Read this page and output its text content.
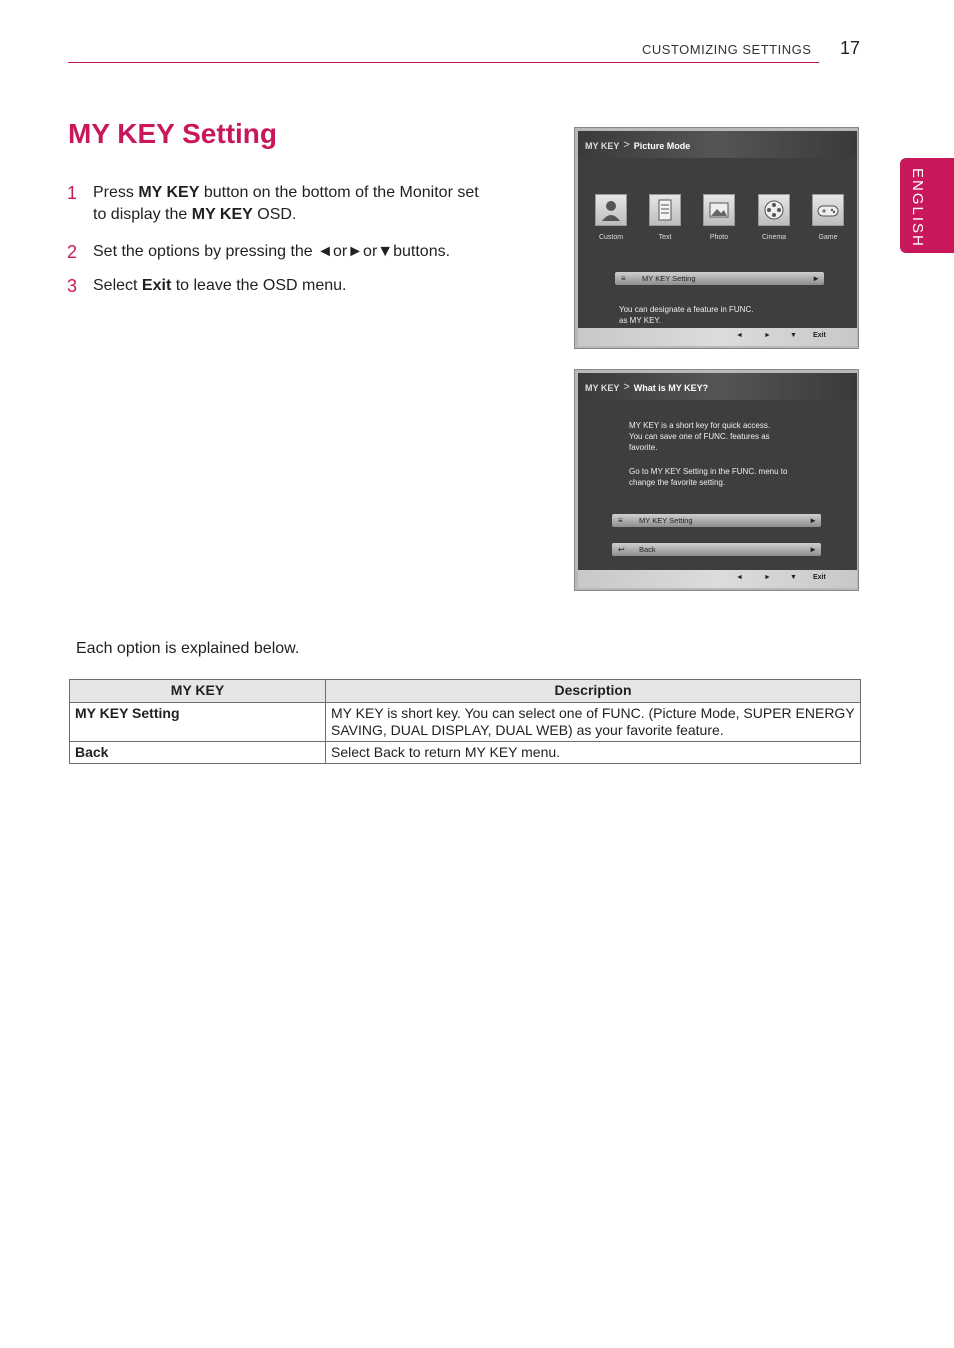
CUSTOMIZING SETTINGS 17
ENGLISH
MY KEY Setting
1 Press MY KEY button on the bottom of the Monitor set to display the MY KEY OSD.
2 Set the options by pressing the ◄or►or▼buttons.
3 Select Exit to leave the OSD menu.
MY KEY > Picture Mode
Custom	Text	Photo	Cinema	Game
≡ MY KEY Setting	►
You can designate a feature in FUNC.
as MY KEY.
◄	►	▼ Exit
MY KEY > What is MY KEY?
MY KEY is a short key for quick access.
You can save one of FUNC. features as
favorite.
Go to MY KEY Setting in the FUNC. menu to
change the favorite setting.
≡ MY KEY Setting	►
↩ Back	►
◄	►	▼ Exit
Each option is explained below.
MY KEY	Description
MY KEY Setting	MY KEY is short key. You can select one of FUNC. (Picture Mode, SUPER ENERGY SAVING, DUAL DISPLAY, DUAL WEB) as your favorite feature.
Back	Select Back to return MY KEY menu.
